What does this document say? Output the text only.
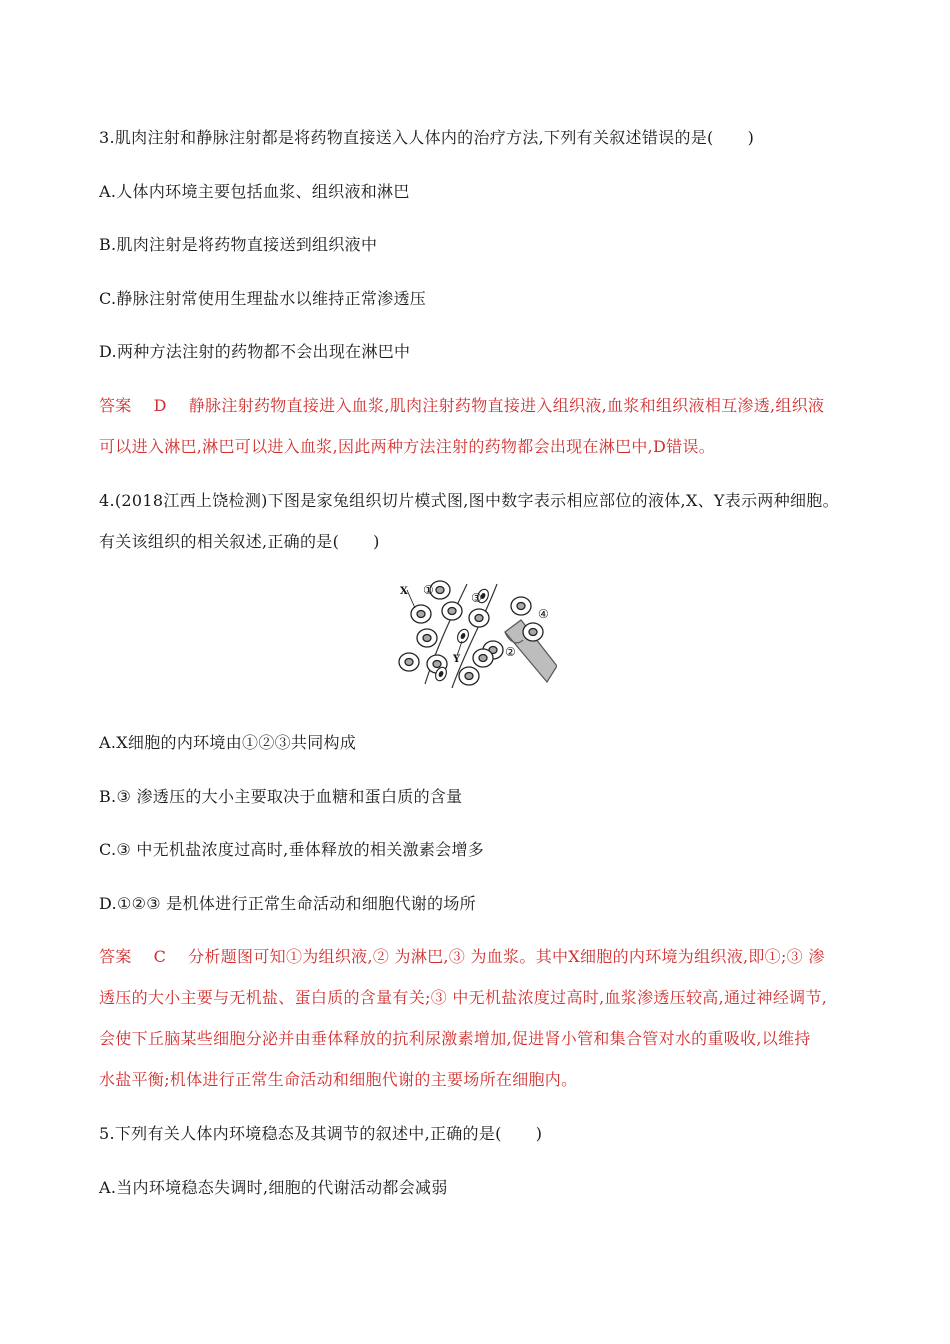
3.肌肉注射和静脉注射都是将药物直接送入人体内的治疗方法,下列有关叙述错误的是( )
A.人体内环境主要包括血浆、组织液和淋巴
B.肌肉注射是将药物直接送到组织液中
C.静脉注射常使用生理盐水以维持正常渗透压
D.两种方法注射的药物都不会出现在淋巴中
答案 D 静脉注射药物直接进入血浆,肌肉注射药物直接进入组织液,血浆和组织液相互渗透,组织液
可以进入淋巴,淋巴可以进入血浆,因此两种方法注射的药物都会出现在淋巴中,D错误。
4.(2018江西上饶检测)下图是家兔组织切片模式图,图中数字表示相应部位的液体,X、Y表示两种细胞。
有关该组织的相关叙述,正确的是( )
X
Y
①
③
④
②
A.X细胞的内环境由①②③共同构成
B.③ 渗透压的大小主要取决于血糖和蛋白质的含量
C.③ 中无机盐浓度过高时,垂体释放的相关激素会增多
D.①②③ 是机体进行正常生命活动和细胞代谢的场所
答案 C 分析题图可知①为组织液,② 为淋巴,③ 为血浆。其中X细胞的内环境为组织液,即①;③ 渗
透压的大小主要与无机盐、蛋白质的含量有关;③ 中无机盐浓度过高时,血浆渗透压较高,通过神经调节,
会使下丘脑某些细胞分泌并由垂体释放的抗利尿激素增加,促进肾小管和集合管对水的重吸收,以维持
水盐平衡;机体进行正常生命活动和细胞代谢的主要场所在细胞内。
5.下列有关人体内环境稳态及其调节的叙述中,正确的是( )
A.当内环境稳态失调时,细胞的代谢活动都会减弱
